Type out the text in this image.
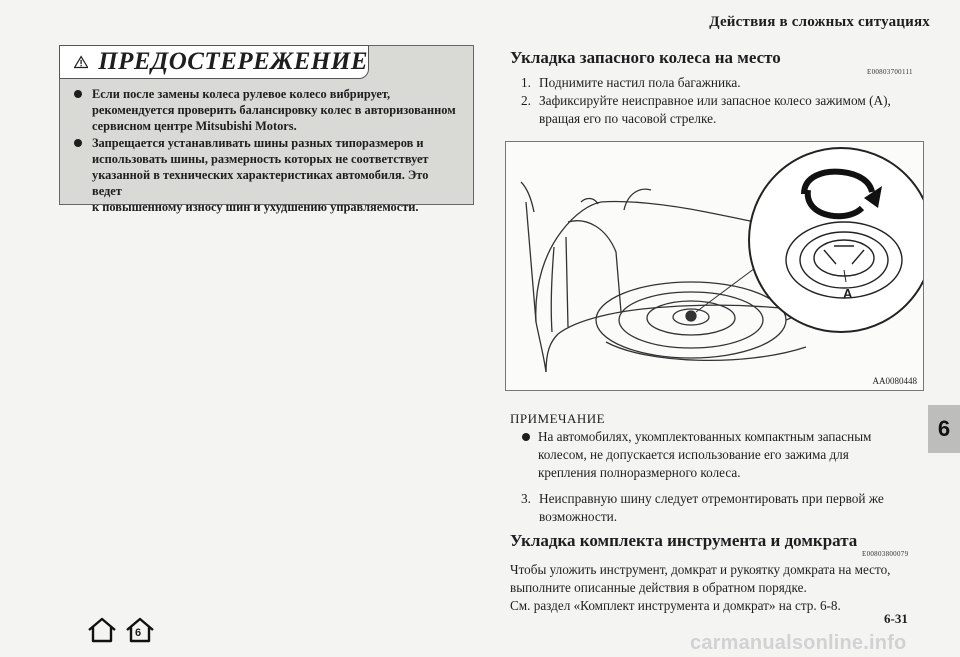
Действия в сложных ситуациях
ПРЕДОСТЕРЕЖЕНИЕ
Если после замены колеса рулевое колесо вибрирует,
рекомендуется проверить балансировку колес в авторизованном
сервисном центре Mitsubishi Motors.
Запрещается устанавливать шины разных типоразмеров и
использовать шины, размерность которых не соответствует
указанной в технических характеристиках автомобиля. Это ведет
к повышенному износу шин и ухудшению управляемости.
Укладка запасного колеса на место
E00803700111
1. Поднимите настил пола багажника.
2. Зафиксируйте неисправное или запасное колесо зажимом (A),
вращая его по часовой стрелке.
A
AA0080448
ПРИМЕЧАНИЕ
На автомобилях, укомплектованных компактным запасным
колесом, не допускается использование его зажима для
крепления полноразмерного колеса.
3. Неисправную шину следует отремонтировать при первой же
возможности.
Укладка комплекта инструмента и домкрата
E00803800079
Чтобы уложить инструмент, домкрат и рукоятку домкрата на место,
выполните описанные действия в обратном порядке.
См. раздел «Комплект инструмента и домкрат» на стр. 6-8.
6
6-31
6	carmanualsonline.info
